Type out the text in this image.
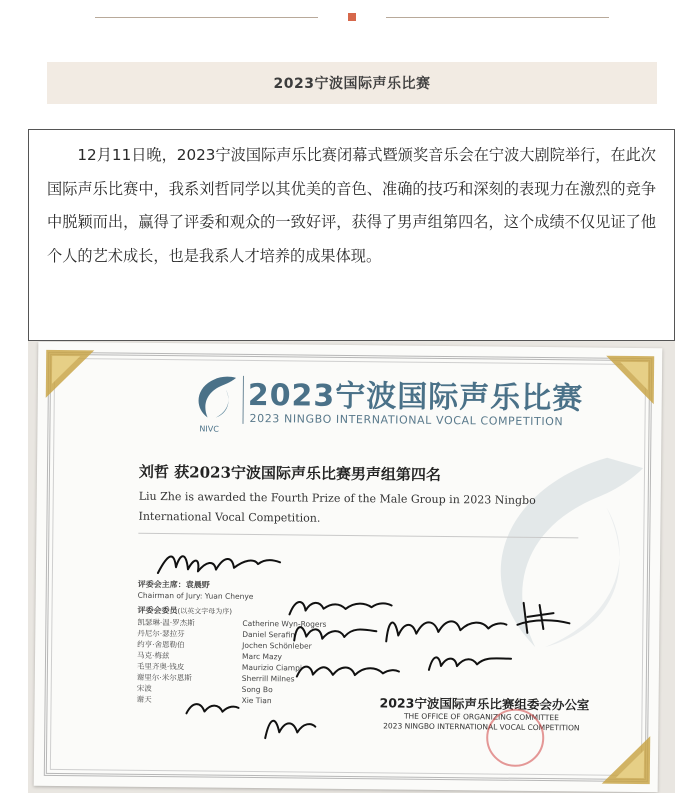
2023宁波国际声乐比赛

12月11日晚，2023宁波国际声乐比赛闭幕式暨颁奖音乐会在宁波大剧院举行，在此次国际声乐比赛中，我系刘哲同学以其优美的音色、准确的技巧和深刻的表现力在激烈的竞争中脱颖而出，赢得了评委和观众的一致好评，获得了男声组第四名，这个成绩不仅见证了他个人的艺术成长，也是我系人才培养的成果体现。

NIVC
2023宁波国际声乐比赛
2023 NINGBO INTERNATIONAL VOCAL COMPETITION
刘哲 获2023宁波国际声乐比赛男声组第四名
Liu Zhe is awarded the Fourth Prize of the Male Group in 2023 Ningbo International Vocal Competition.
评委会主席：袁晨野
Chairman of Jury: Yuan Chenye
评委会委员(以英文字母为序)
凯瑟琳·温·罗杰斯	Catherine Wyn-Rogers
丹尼尔·瑟拉芬	Daniel Serafin
约亨·舍恩勒伯	Jochen Schönleber
马克·梅兹	Marc Mazy
毛里齐奥·钱皮	Maurizio Ciampi
谢里尔·米尔恩斯	Sherrill Milnes
宋波	Song Bo
谢天	Xie Tian	2023宁波国际声乐比赛组委会办公室
THE OFFICE OF ORGANIZING COMMITTEE
2023 NINGBO INTERNATIONAL VOCAL COMPETITION
